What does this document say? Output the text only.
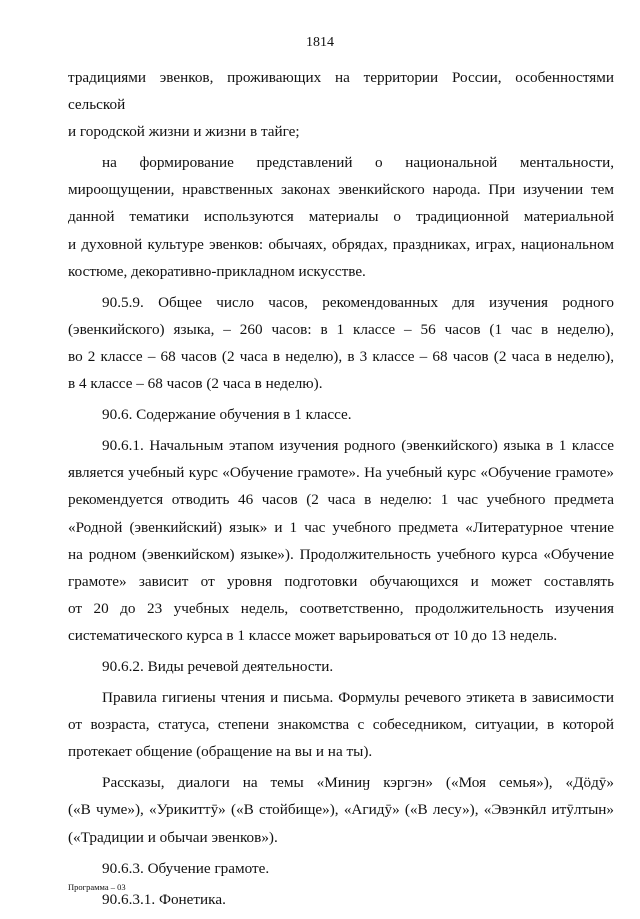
1814
традициями эвенков, проживающих на территории России, особенностями сельской
и городской жизни и жизни в тайге;
на формирование представлений о национальной ментальности,
мироощущении, нравственных законах эвенкийского народа. При изучении тем
данной тематики используются материалы о традиционной материальной
и духовной культуре эвенков: обычаях, обрядах, праздниках, играх, национальном
костюме, декоративно-прикладном искусстве.
90.5.9. Общее число часов, рекомендованных для изучения родного
(эвенкийского) языка, – 260 часов: в 1 классе – 56 часов (1 час в неделю),
во 2 классе – 68 часов (2 часа в неделю), в 3 классе – 68 часов (2 часа в неделю),
в 4 классе – 68 часов (2 часа в неделю).
90.6. Содержание обучения в 1 классе.
90.6.1. Начальным этапом изучения родного (эвенкийского) языка в 1 классе
является учебный курс «Обучение грамоте». На учебный курс «Обучение грамоте»
рекомендуется отводить 46 часов (2 часа в неделю: 1 час учебного предмета
«Родной (эвенкийский) язык» и 1 час учебного предмета «Литературное чтение
на родном (эвенкийском) языке»). Продолжительность учебного курса «Обучение
грамоте» зависит от уровня подготовки обучающихся и может составлять
от 20 до 23 учебных недель, соответственно, продолжительность изучения
систематического курса в 1 классе может варьироваться от 10 до 13 недель.
90.6.2. Виды речевой деятельности.
Правила гигиены чтения и письма. Формулы речевого этикета в зависимости
от возраста, статуса, степени знакомства с собеседником, ситуации, в которой
протекает общение (обращение на вы и на ты).
Рассказы, диалоги на темы «Миниӈ кэргэн» («Моя семья»), «Дӧдӯ»
(«В чуме»), «Урикиттӯ» («В стойбище»), «Агидӯ» («В лесу»), «Эвэнкӣл итӯлтын»
(«Традиции и обычаи эвенков»).
90.6.3. Обучение грамоте.
90.6.3.1. Фонетика.
Программа – 03
